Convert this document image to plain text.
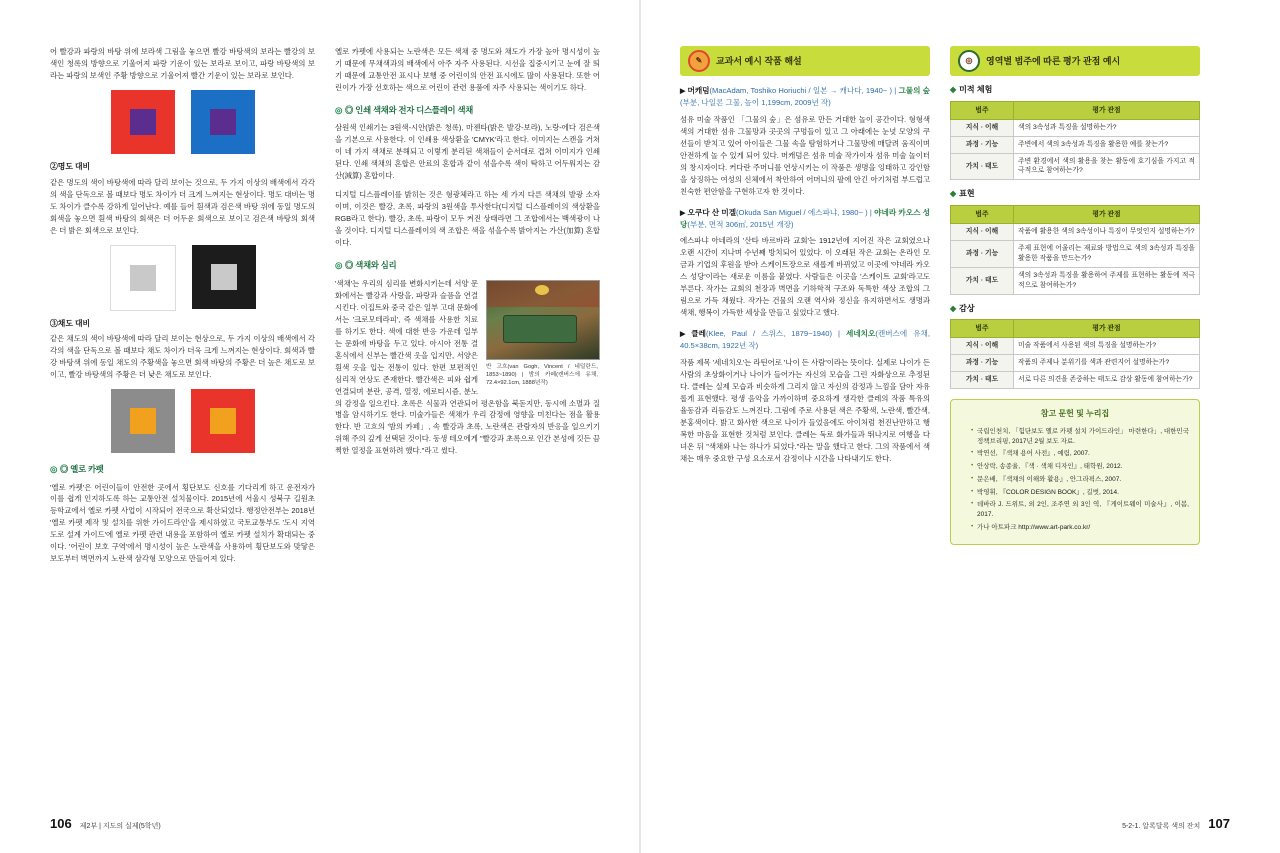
어 빨강과 파랑의 바탕 위에 보라색 그림을 놓으면 빨강 바탕색의 보라는 빨강의 보색인 청록의 방향으로 기울어져 파랑 기운이 있는 보라로 보이고, 파랑 바탕색의 보라는 파랑의 보색인 주황 방향으로 기울어져 빨간 기운이 있는 보라로 보인다.

②명도 대비

같은 명도의 색이 바탕색에 따라 달리 보이는 것으로, 두 가지 이상의 배색에서 각각의 색을 단독으로 볼 때보다 명도 차이가 더 크게 느껴지는 현상이다. 명도 대비는 명도 차이가 클수록 강하게 일어난다. 예를 들어 흰색과 검은색 바탕 위에 동일 명도의 회색을 놓으면 흰색 바탕의 회색은 더 어두운 회색으로 보이고 검은색 바탕의 회색은 더 밝은 회색으로 보인다.

③채도 대비

같은 채도의 색이 바탕색에 따라 달리 보이는 현상으로, 두 가지 이상의 배색에서 각각의 색을 단독으로 볼 때보다 채도 차이가 더욱 크게 느껴지는 현상이다. 회색과 빨강 바탕색 위에 동일 채도의 주황색을 놓으면 회색 바탕의 주황은 더 높은 채도로 보이고, 빨강 바탕색의 주황은 더 낮은 채도로 보인다.

◎ ◎ 옐로 카펫

'옐로 카펫'은 어린이들이 안전한 곳에서 횡단보도 신호를 기다리게 하고 운전자가 이를 쉽게 인지하도록 하는 교통안전 설치물이다. 2015년에 서울시 성북구 길원초등학교에서 옐로 카펫 사업이 시작되어 전국으로 확산되었다. 행정안전부는 2018년 '옐로 카펫 제작 및 설치를 위한 가이드라인'을 제시하였고 국토교통부도 '도시 지역 도로 설계 가이드'에 옐로 카펫 관련 내용을 포함하여 옐로 카펫 설치가 확대되는 중이다. '어린이 보호 구역'에서 명시성이 높은 노란색을 사용하여 횡단보도와 맞닿은 보도부터 벽면까지 노란색 삼각형 모양으로 만들어져 있다.

옐로 카펫에 사용되는 노란색은 모든 색채 중 명도와 채도가 가장 높아 명시성이 높기 때문에 무채색과의 배색에서 아주 자주 사용된다. 시선을 집중시키고 눈에 잘 띄기 때문에 교통안전 표시나 보행 중 어린이의 안전 표시에도 많이 사용된다. 또한 어린이가 가장 선호하는 색으로 어린이 관련 용품에 자주 사용되는 색이기도 하다.

◎ ◎ 인쇄 색채와 전자 디스플레이 색채

삼원색 인쇄기는 3원색-시안(밝은 청록), 마젠타(밝은 발강-보라), 노랑-에다 검은색을 기본으로 사용한다. 이 인쇄용 색상환을 'CMYK'라고 한다. 이미지는 스캔을 거쳐 이 네 가지 색채로 분해되고 이렇게 분리된 색채들이 순서대로 겹쳐 이미지가 인쇄된다. 인쇄 색채의 혼합은 안료의 혼합과 같이 섞을수록 색이 탁하고 어두워지는 감산(減算) 혼합이다.

디지털 디스플레이를 밝히는 것은 형광체라고 하는 세 가지 다른 색채의 발광 소자이며, 이것은 빨강, 초록, 파랑의 3원색을 투사한다(디지털 디스플레이의 색상환을 RGB라고 한다). 빨강, 초록, 파랑이 모두 켜진 상태라면 그 조합에서는 백색광이 나올 것이다. 디지털 디스플레이의 색 조합은 색을 섞을수록 밝아지는 가산(加算) 혼합이다.

◎ ◎ 색채와 심리
반 고흐(van Gogh, Vincent / 네덜란드, 1853~1890) | 밤의 카페(캔버스에 유채, 72.4×92.1cm, 1888년작)

'색채'는 우리의 심리를 변화시키는데 서양 문화에서는 빨강과 사랑을, 파랑과 슬픔을 연결시킨다. 이집트와 중국 같은 일부 고대 문화에서는 '크로모테라피', 즉 색채를 사용한 치료를 하기도 한다. 색에 대한 반응 가운데 일부는 문화에 바탕을 두고 있다. 아시아 전통 결혼식에서 신부는 빨간색 옷을 입지만, 서양은 흰색 옷을 입는 전통이 있다. 한편 보편적인 심리적 연상도 존재한다. 빨간색은 피와 쉽게 연결되며 분란, 공격, 열정, 에로티시즘, 분노의 감정을 일으킨다. 초록은 식물과 연관되어 평온함을 북돋지만, 동시에 소멸과 질병을 암시하기도 한다. 미술가들은 색채가 우리 감정에 영향을 미친다는 점을 활용한다. 반 고흐의 '밤의 카페」, 속 빨강과 초록, 노란색은 관람자의 반응을 일으키기 위해 주의 깊게 선택된 것이다. 동생 테오에게 "빨강과 초록으로 인간 본성에 깃든 끔찍한 열정을 표현하려 했다."라고 썼다.

106 제2부 | 지도의 실제(5학년)
✎	교과서 예시 작품 해설
▶ 머캐덤(MacAdam, Toshiko Horiuchi / 일본 → 캐나다, 1940~ ) | 그물의 숲(부분, 나일론 그물, 높이 1,199cm, 2009년 작)

섬유 미술 작품인 「그물의 숲」은 섬유로 만든 거대한 놀이 공간이다. 형형색색의 거대한 섬유 그물망과 곳곳의 구멍들이 있고 그 아래에는 눈넛 모양의 쿠션들이 받치고 있어 아이들은 그물 속을 탐험하거나 그물망에 매달려 움직이며 안전하게 놀 수 있게 되어 있다. 머캐덤은 섬유 미술 작가이자 섬유 미술 놀이터의 창시자이다. 커다란 주머니를 연상시키는 이 작품은 생명을 잉태하고 강인함을 상징하는 여성의 신체에서 착안하여 어머니의 팔에 안긴 아기처럼 부드럽고 친숙한 편안함을 구현하고자 한 것이다.

▶ 오쿠다 산 미겔(Okuda San Miguel / 에스파냐, 1980~ ) | 야네라 카오스 성당(부분, 면적 306㎡, 2015년 개장)

에스파냐 아네라의 '산타 바르바라 교회'는 1912년에 지어진 작은 교회였으나 오랜 시간이 지나며 수년째 방치되어 있었다. 이 오래된 작은 교회는 온라인 모금과 기업의 후원을 받아 스케이트장으로 새롭게 바뀌었고 이곳에 '야네라 카오스 성당'이라는 새로운 이름을 붙였다. 사람들은 이곳을 '스케이트 교회'라고도 부른다. 작가는 교회의 천장과 벽면을 기하학적 구조와 독특한 색상 조합의 그림으로 가득 채웠다. 작가는 건물의 오랜 역사와 정신을 유지하면서도 생명과 색채, 행복이 가득한 세상을 만들고 싶었다고 했다.

▶ 클레(Klee, Paul / 스위스, 1879~1940) | 세네치오(캔버스에 유채, 40.5×38cm, 1922년 작)

작품 제목 '세네치오'는 라틴어로 '나이 든 사람'이라는 뜻이다. 실제로 나이가 든 사람의 초상화이거나 나이가 들어가는 자신의 모습을 그린 자화상으로 추정된다. 클레는 실제 모습과 비슷하게 그리지 않고 자신의 감정과 느낌을 담아 자유롭게 표현했다. 평생 음악을 가까이하며 중요하게 생각한 클레의 작품 특유의 율동감과 리듬감도 느껴진다. 그림에 주로 사용된 색은 주황색, 노란색, 빨간색, 분홍색이다. 밝고 화사한 색으로 나이가 들었음에도 아이처럼 천진난만하고 행복한 마음을 표현한 것처럼 보인다. 클레는 둑로 화가들과 뛰나지로 여행을 다녀온 뒤 "색채와 나는 하나가 되었다."라는 말을 했다고 한다. 그의 작품에서 색채는 매우 중요한 구성 요소로서 감정이나 시간을 나타내기도 한다.

◎	영역별 범주에 따른 평가 관점 예시
◆ 미적 체험
범주	평가 관점
지식 · 이해	색의 3속성과 특징을 설명하는가?
과정 · 기능	주변에서 색의 3속성과 특징을 활용한 예를 찾는가?
가치 · 태도	주변 환경에서 색의 활용을 찾는 활동에 호기심을 가지고 적극적으로 참여하는가?
◆ 표현
범주	평가 관점
지식 · 이해	작품에 활용한 색의 3속성이나 특징이 무엇인지 설명하는가?
과정 · 기능	주제 표현에 어울리는 재료와 방법으로 색의 3속성과 특징을 활용한 작품을 만드는가?
가치 · 태도	색의 3속성과 특징을 활용하여 주제를 표현하는 활동에 적극적으로 참여하는가?
◆ 감상
범주	평가 관점
지식 · 이해	미술 작품에서 사용된 색의 특징을 설명하는가?
과정 · 기능	작품의 주제나 분위기를 색과 관련지어 설명하는가?
가치 · 태도	서로 다른 의견을 존중하는 태도로 감상 활동에 참여하는가?
참고 문헌 및 누리집
• 국립인천치, 「힘단보도 옐로 카펫 설치 가이드라인」 마련한다」, 대한민국정책브리핑, 2017년 2월 보도 자료.
• 박연선, 『색채 용어 사전』, 예림, 2007.
• 안상락, 송종율, 『색 · 색채 디자인』, 태학원, 2012.
• 문은배, 『색채의 이해와 활용』, 안그라픽스, 2007.
• 박영휘, 『COLOR DESIGN BOOK』, 길벗, 2014.
• 데바라 J. 드위트, 외 2인, 조주연 외 3인 역, 『게이트웨이 미술사』, 이봄, 2017.
• 가나 아트파크 http://www.art-park.co.kr/
5-2-1. 알록달록 색의 잔치 107
